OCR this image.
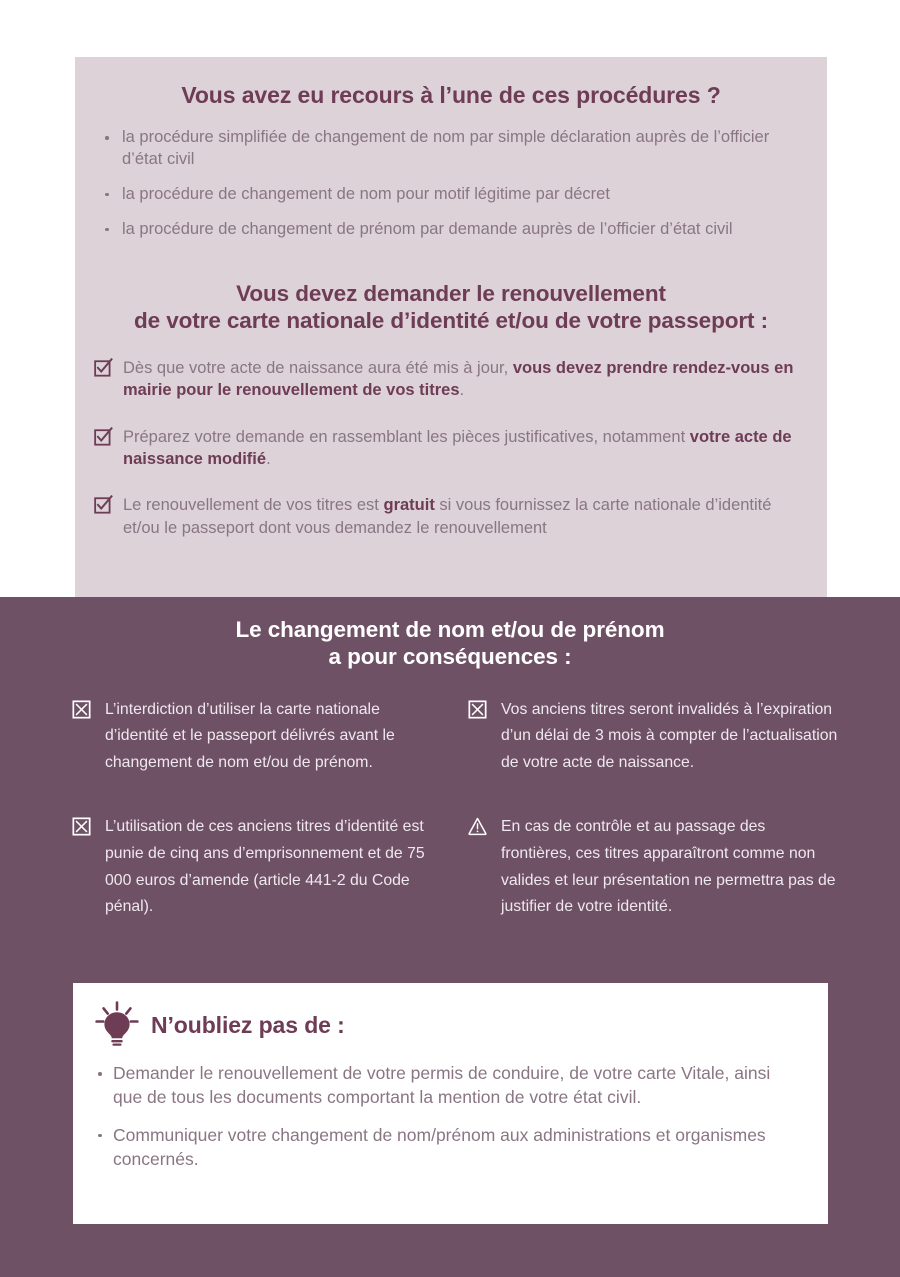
Vous avez eu recours à l’une de ces procédures ?
la procédure simplifiée de changement de nom par simple déclaration auprès de l’officier d’état civil
la procédure de changement de nom pour motif légitime par décret
la procédure de changement de prénom par demande auprès de l’officier d’état civil
Vous devez demander le renouvellement
de votre carte nationale d’identité et/ou de votre passeport :
Dès que votre acte de naissance aura été mis à jour, vous devez prendre rendez-vous en mairie pour le renouvellement de vos titres.
Préparez votre demande en rassemblant les pièces justificatives, notamment votre acte de naissance modifié.
Le renouvellement de vos titres est gratuit si vous fournissez la carte nationale d’identité et/ou le passeport dont vous demandez le renouvellement
Le changement de nom et/ou de prénom
a pour conséquences :
L’interdiction d’utiliser la carte nationale d’identité et le passeport délivrés avant le changement de nom et/ou de prénom.
L’utilisation de ces anciens titres d’identité est punie de cinq ans d’emprisonnement et de 75 000 euros d’amende (article 441-2 du Code pénal).
Vos anciens titres seront invalidés à l’expiration d’un délai de 3 mois à compter de l’actualisation de votre acte de naissance.
En cas de contrôle et au passage des frontières, ces titres apparaîtront comme non valides et leur présentation ne permettra pas de justifier de votre identité.
N’oubliez pas de :
Demander le renouvellement de votre permis de conduire, de votre carte Vitale, ainsi que de tous les documents comportant la mention de votre état civil.
Communiquer votre changement de nom/prénom aux administrations et organismes concernés.
